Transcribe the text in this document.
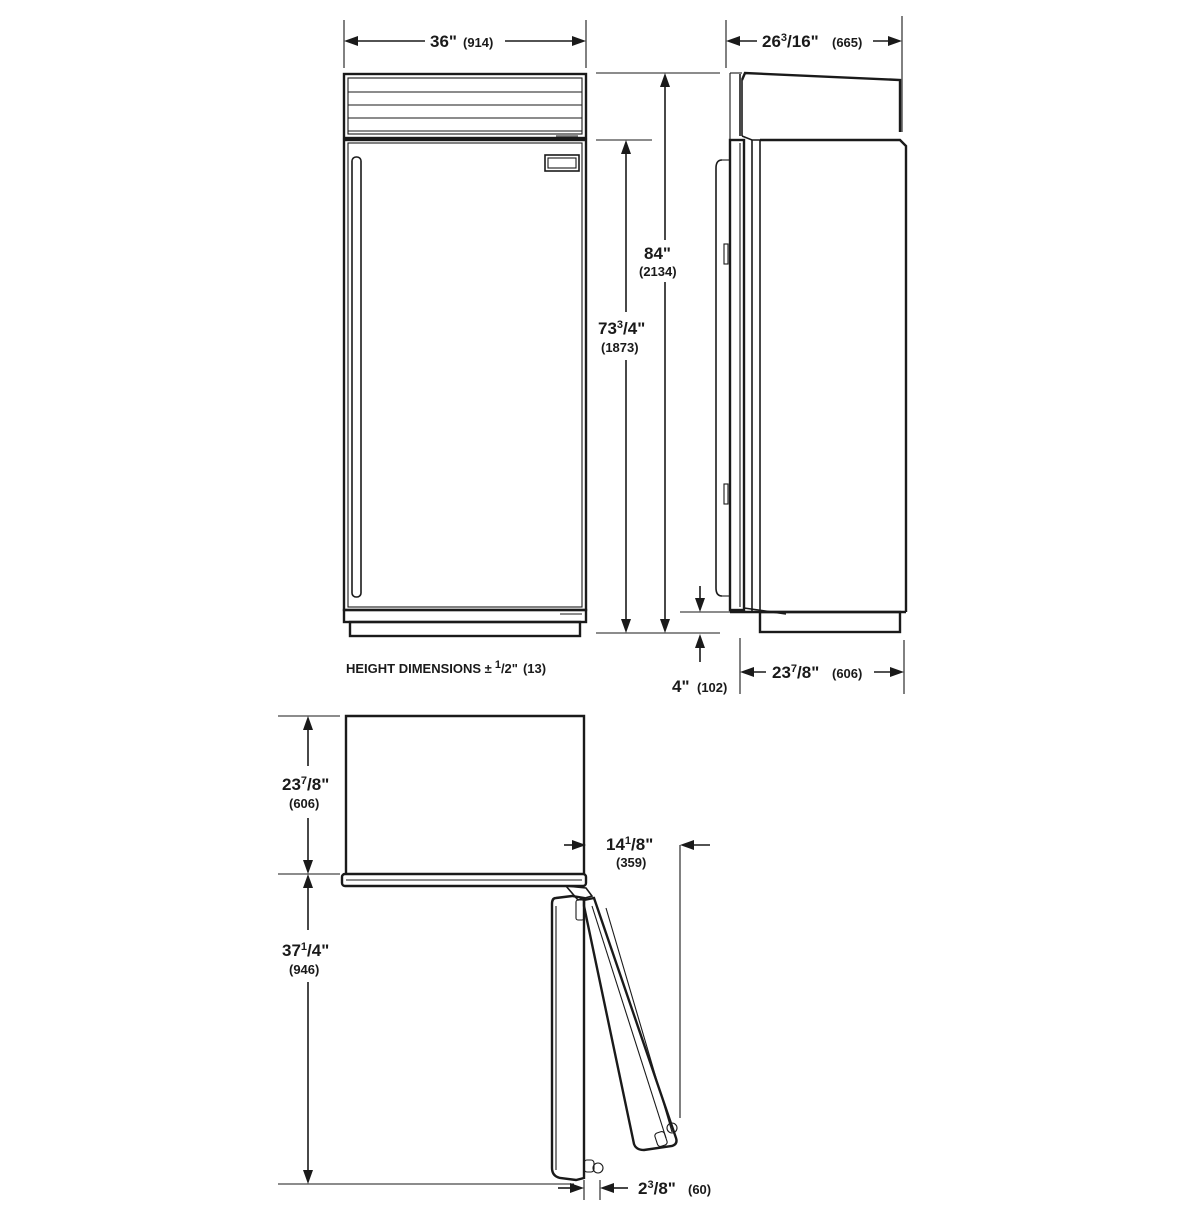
36" (914)
84"
(2134)
$73^3/4$"
(1873)
HEIGHT DIMENSIONS ± $^1$/2" (13)
$26^3/16$" (665)
4" (102)
$23^7/8$" (606)
$23^7/8$"
(606)
$37^1/4$"
(946)
$14^1/8$"
(359)
$2^3/8$" (60)
